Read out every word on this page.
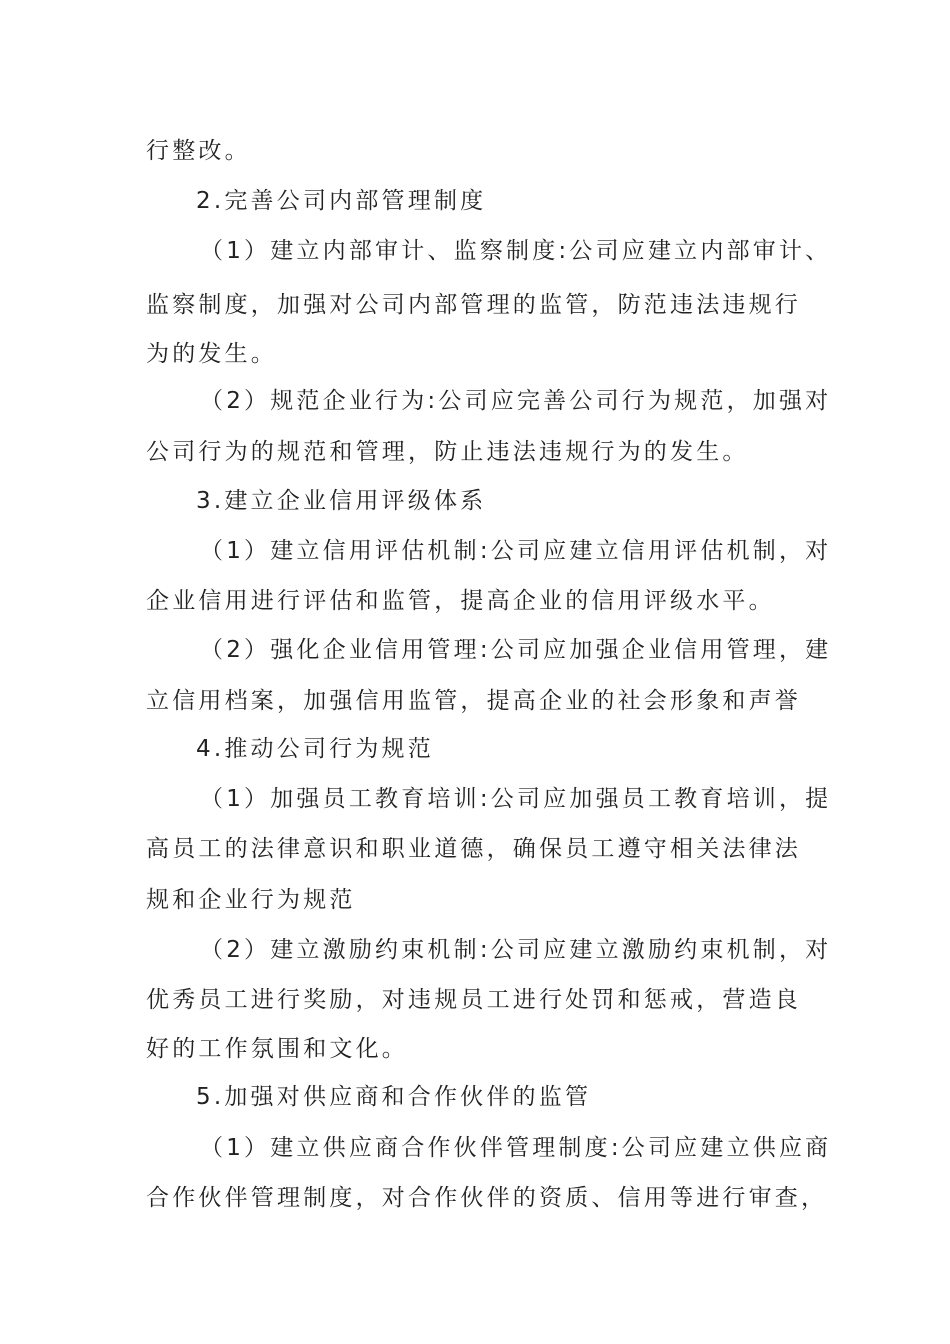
行整改。
2.完善公司内部管理制度
（1）建立内部审计、监察制度:公司应建立内部审计、
监察制度，加强对公司内部管理的监管，防范违法违规行
为的发生。
（2）规范企业行为:公司应完善公司行为规范，加强对
公司行为的规范和管理，防止违法违规行为的发生。
3.建立企业信用评级体系
（1）建立信用评估机制:公司应建立信用评估机制，对
企业信用进行评估和监管，提高企业的信用评级水平。
（2）强化企业信用管理:公司应加强企业信用管理，建
立信用档案，加强信用监管，提高企业的社会形象和声誉
4.推动公司行为规范
（1）加强员工教育培训:公司应加强员工教育培训，提
高员工的法律意识和职业道德，确保员工遵守相关法律法
规和企业行为规范
（2）建立激励约束机制:公司应建立激励约束机制，对
优秀员工进行奖励，对违规员工进行处罚和惩戒，营造良
好的工作氛围和文化。
5.加强对供应商和合作伙伴的监管
（1）建立供应商合作伙伴管理制度:公司应建立供应商
合作伙伴管理制度，对合作伙伴的资质、信用等进行审查，
